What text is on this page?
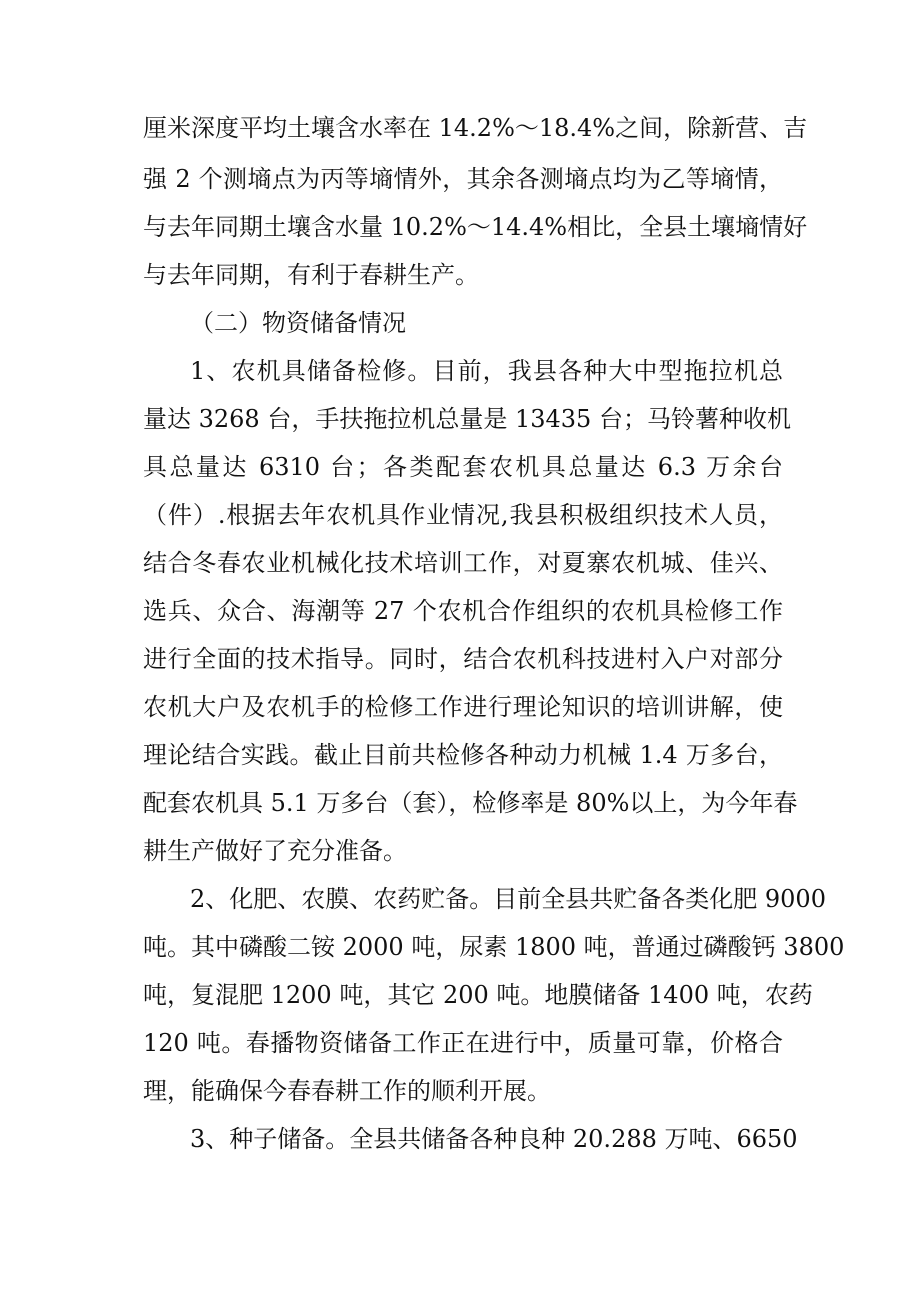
厘米深度平均土壤含水率在 14.2%～18.4%之间，除新营、吉
强 2 个测墒点为丙等墒情外，其余各测墒点均为乙等墒情，
与去年同期土壤含水量 10.2%～14.4%相比，全县土壤墒情好
与去年同期，有利于春耕生产。
（二）物资储备情况
1、农机具储备检修。目前，我县各种大中型拖拉机总
量达 3268 台，手扶拖拉机总量是 13435 台；马铃薯种收机
具总量达 6310 台；各类配套农机具总量达 6.3 万余台
（件）.根据去年农机具作业情况,我县积极组织技术人员，
结合冬春农业机械化技术培训工作，对夏寨农机城、佳兴、
选兵、众合、海潮等 27 个农机合作组织的农机具检修工作
进行全面的技术指导。同时，结合农机科技进村入户对部分
农机大户及农机手的检修工作进行理论知识的培训讲解，使
理论结合实践。截止目前共检修各种动力机械 1.4 万多台，
配套农机具 5.1 万多台（套），检修率是 80%以上，为今年春
耕生产做好了充分准备。
2、化肥、农膜、农药贮备。目前全县共贮备各类化肥 9000
吨。其中磷酸二铵 2000 吨，尿素 1800 吨，普通过磷酸钙 3800
吨，复混肥 1200 吨，其它 200 吨。地膜储备 1400 吨，农药
120 吨。春播物资储备工作正在进行中，质量可靠，价格合
理，能确保今春春耕工作的顺利开展。
3、种子储备。全县共储备各种良种 20.288 万吨、6650
